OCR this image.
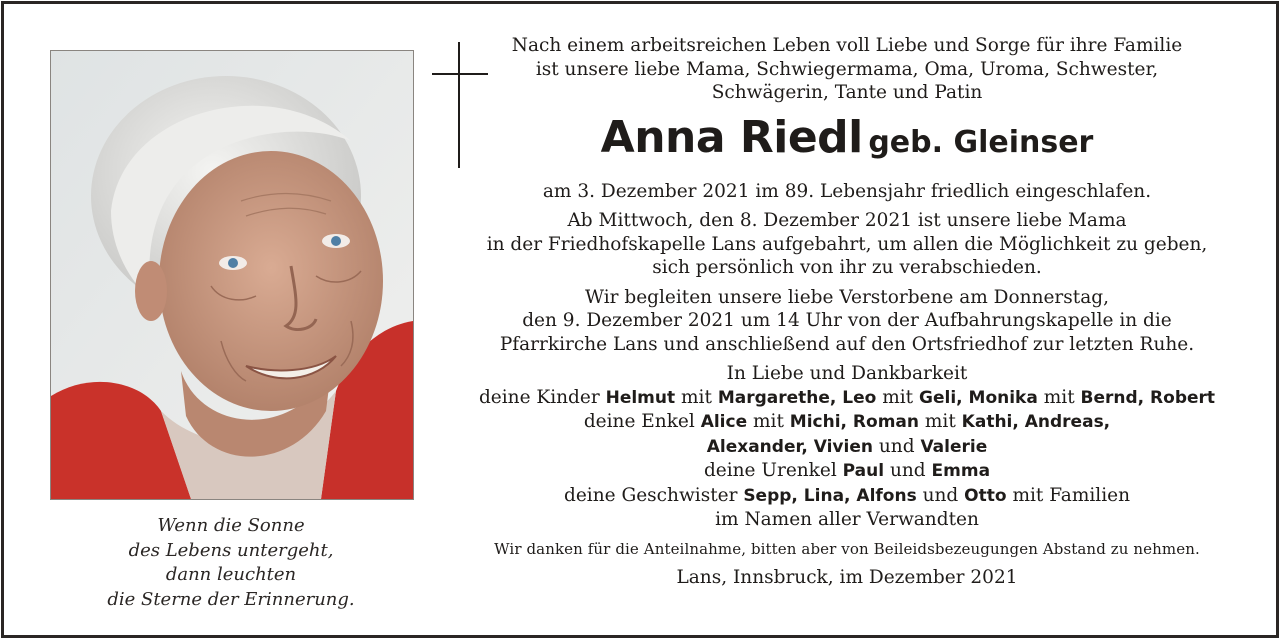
Wenn die Sonne
des Lebens untergeht,
dann leuchten
die Sterne der Erinnerung.
Nach einem arbeitsreichen Leben voll Liebe und Sorge für ihre Familie
ist unsere liebe Mama, Schwiegermama, Oma, Uroma, Schwester,
Schwägerin, Tante und Patin
Anna Riedl geb. Gleinser
am 3. Dezember 2021 im 89. Lebensjahr friedlich eingeschlafen.
Ab Mittwoch, den 8. Dezember 2021 ist unsere liebe Mama
in der Friedhofskapelle Lans aufgebahrt, um allen die Möglichkeit zu geben,
sich persönlich von ihr zu verabschieden.
Wir begleiten unsere liebe Verstorbene am Donnerstag,
den 9. Dezember 2021 um 14 Uhr von der Aufbahrungskapelle in die
Pfarrkirche Lans und anschließend auf den Ortsfriedhof zur letzten Ruhe.
In Liebe und Dankbarkeit
deine Kinder Helmut mit Margarethe, Leo mit Geli, Monika mit Bernd, Robert
deine Enkel Alice mit Michi, Roman mit Kathi, Andreas,
Alexander, Vivien und Valerie
deine Urenkel Paul und Emma
deine Geschwister Sepp, Lina, Alfons und Otto mit Familien
im Namen aller Verwandten
Wir danken für die Anteilnahme, bitten aber von Beileidsbezeugungen Abstand zu nehmen.
Lans, Innsbruck, im Dezember 2021
